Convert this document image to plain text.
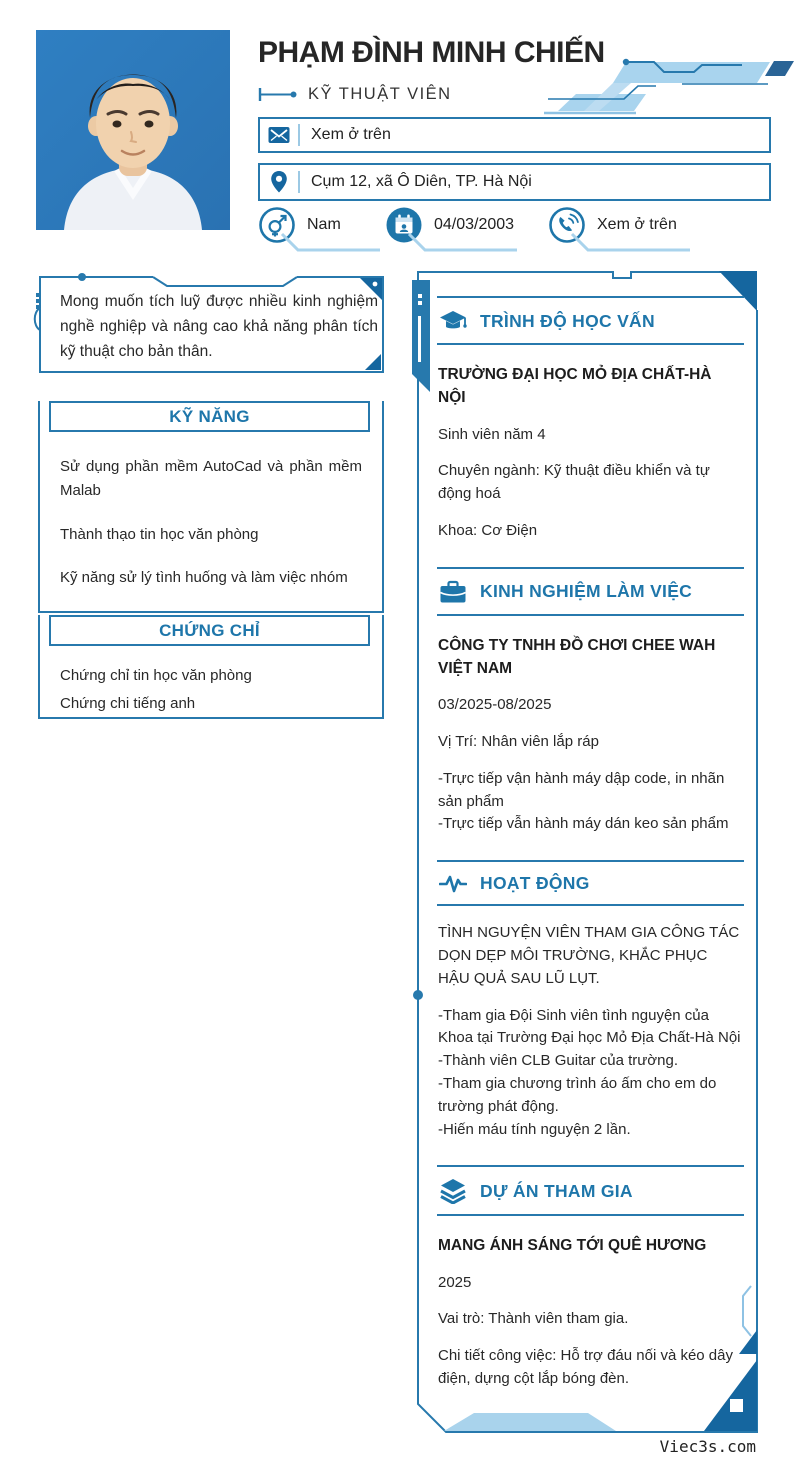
PHẠM ĐÌNH MINH CHIẾN
KỸ THUẬT VIÊN
Xem ở trên
Cụm 12, xã Ô Diên, TP. Hà Nội
Nam	04/03/2003	Xem ở trên
Mong muốn tích luỹ được nhiều kinh nghiệm nghề nghiệp và nâng cao khả năng phân tích kỹ thuật cho bản thân.
KỸ NĂNG

Sử dụng phần mềm AutoCad và phần mềm Malab

Thành thạo tin học văn phòng

Kỹ năng sử lý tình huống và làm việc nhóm

CHỨNG CHỈ

Chứng chỉ tin học văn phòng

Chứng chi tiếng anh

TRÌNH ĐỘ HỌC VẤN

TRƯỜNG ĐẠI HỌC MỎ ĐỊA CHẤT-HÀ NỘI

Sinh viên năm 4

Chuyên ngành: Kỹ thuật điều khiển và tự động hoá

Khoa: Cơ Điện

KINH NGHIỆM LÀM VIỆC

CÔNG TY TNHH ĐỒ CHƠI CHEE WAH VIỆT NAM

03/2025-08/2025

Vị Trí: Nhân viên lắp ráp

-Trực tiếp vận hành máy dập code, in nhãn sản phẩm

-Trực tiếp vẫn hành máy dán keo sản phẩm

HOẠT ĐỘNG

TÌNH NGUYỆN VIÊN THAM GIA CÔNG TÁC DỌN DẸP MÔI TRƯỜNG, KHẮC PHỤC HẬU QUẢ SAU LŨ LỤT.

-Tham gia Đội Sinh viên tình nguyện của Khoa tại Trường Đại học Mỏ Địa Chất-Hà Nội

-Thành viên CLB Guitar của trường.

-Tham gia chương trình áo ấm cho em do trường phát động.

-Hiến máu tính nguyện 2 lần.

DỰ ÁN THAM GIA

MANG ÁNH SÁNG TỚI QUÊ HƯƠNG

2025

Vai trò: Thành viên tham gia.

Chi tiết công việc: Hỗ trợ đáu nối và kéo dây điện, dựng cột lắp bóng đèn.

Viec3s.com
